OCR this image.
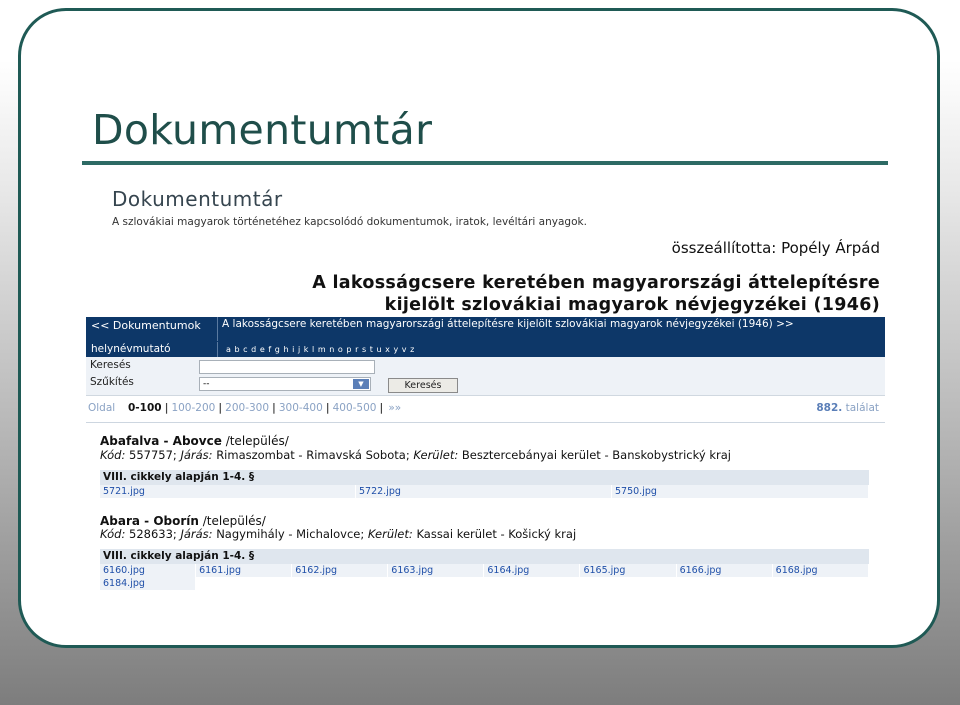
Dokumentumtár
Dokumentumtár
A szlovákiai magyarok történetéhez kapcsolódó dokumentumok, iratok, levéltári anyagok.
összeállította: Popély Árpád
A lakosságcsere keretében magyarországi áttelepítésre
kijelölt szlovákiai magyarok névjegyzékei (1946)
<< Dokumentumok	A lakosságcsere keretében magyarországi áttelepítésre kijelölt szlovákiai magyarok névjegyzékei (1946) >>
helynévmutató	a b c d e f g h i j k l m n o p r s t u x y v z
Keresés
Szűkítés	--	▼	Keresés
Oldal 0-100 | 100-200 | 200-300 | 300-400 | 400-500 | »»	882. találat
Abafalva - Abovce /település/
Kód: 557757; Járás: Rimaszombat - Rimavská Sobota; Kerület: Besztercebányai kerület - Banskobystrický kraj
VIII. cikkely alapján 1-4. §
5721.jpg	5722.jpg	5750.jpg
Abara - Oborín /település/
Kód: 528633; Járás: Nagymihály - Michalovce; Kerület: Kassai kerület - Košický kraj
VIII. cikkely alapján 1-4. §
6160.jpg	6161.jpg	6162.jpg	6163.jpg	6164.jpg	6165.jpg	6166.jpg	6168.jpg
6184.jpg
